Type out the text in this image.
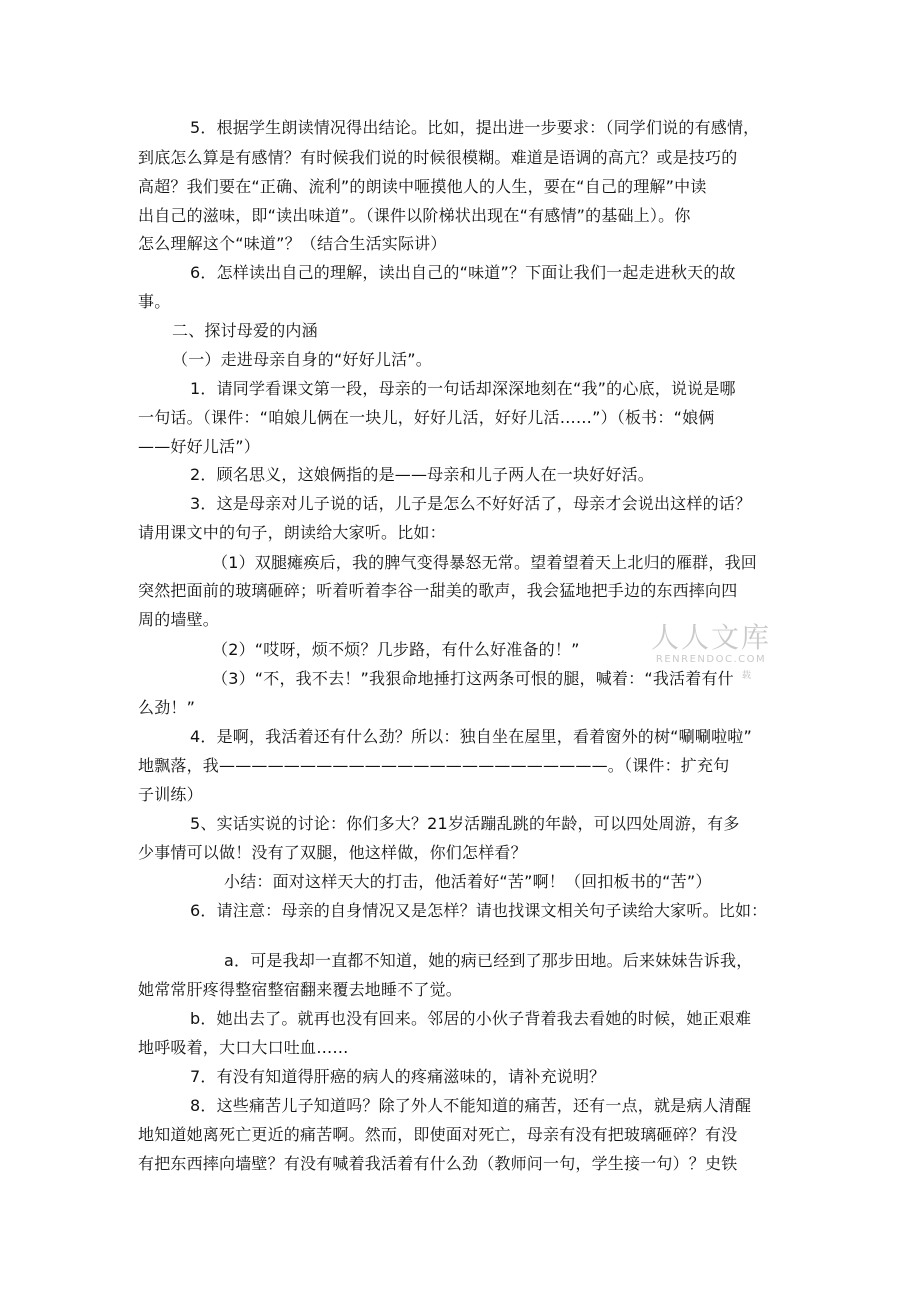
5．根据学生朗读情况得出结论。比如，提出进一步要求：（同学们说的有感情，
到底怎么算是有感情？有时候我们说的时候很模糊。难道是语调的高亢？或是技巧的
高超？我们要在“正确、流利”的朗读中咂摸他人的人生，要在“自己的理解”中读
出自己的滋味，即“读出味道”。（课件以阶梯状出现在“有感情”的基础上）。你
怎么理解这个“味道”？（结合生活实际讲）
6．怎样读出自己的理解，读出自己的“味道”？下面让我们一起走进秋天的故
事。
二、探讨母爱的内涵
（一）走进母亲自身的“好好儿活”。
1．请同学看课文第一段，母亲的一句话却深深地刻在“我”的心底，说说是哪
一句话。（课件：“咱娘儿俩在一块儿，好好儿活，好好儿活……”）（板书：“娘俩
——好好儿活”）
2．顾名思义，这娘俩指的是——母亲和儿子两人在一块好好活。
3．这是母亲对儿子说的话，儿子是怎么不好好活了，母亲才会说出这样的话？
请用课文中的句子，朗读给大家听。比如：
（1）双腿瘫痪后，我的脾气变得暴怒无常。望着望着天上北归的雁群，我回
突然把面前的玻璃砸碎；听着听着李谷一甜美的歌声，我会猛地把手边的东西摔向四
周的墙壁。
（2）“哎呀，烦不烦？几步路，有什么好准备的！”
（3）“不，我不去！”我狠命地捶打这两条可恨的腿，喊着：“我活着有什
么劲！”
4．是啊，我活着还有什么劲？所以：独自坐在屋里，看着窗外的树“唰唰啦啦”
地飘落，我————————————————————————。（课件：扩充句
子训练）
5、实话实说的讨论：你们多大？21岁活蹦乱跳的年龄，可以四处周游，有多
少事情可以做！没有了双腿，他这样做，你们怎样看？
小结：面对这样天大的打击，他活着好“苦”啊！（回扣板书的“苦”）
6．请注意：母亲的自身情况又是怎样？请也找课文相关句子读给大家听。比如：
a．可是我却一直都不知道，她的病已经到了那步田地。后来妹妹告诉我，
她常常肝疼得整宿整宿翻来覆去地睡不了觉。
b．她出去了。就再也没有回来。邻居的小伙子背着我去看她的时候，她正艰难
地呼吸着，大口大口吐血……
7．有没有知道得肝癌的病人的疼痛滋味的，请补充说明？
8．这些痛苦儿子知道吗？除了外人不能知道的痛苦，还有一点，就是病人清醒
地知道她离死亡更近的痛苦啊。然而，即使面对死亡，母亲有没有把玻璃砸碎？有没
有把东西摔向墙壁？有没有喊着我活着有什么劲（教师问一句，学生接一句）？史铁
人人文库
RENRENDOC.COM
载
